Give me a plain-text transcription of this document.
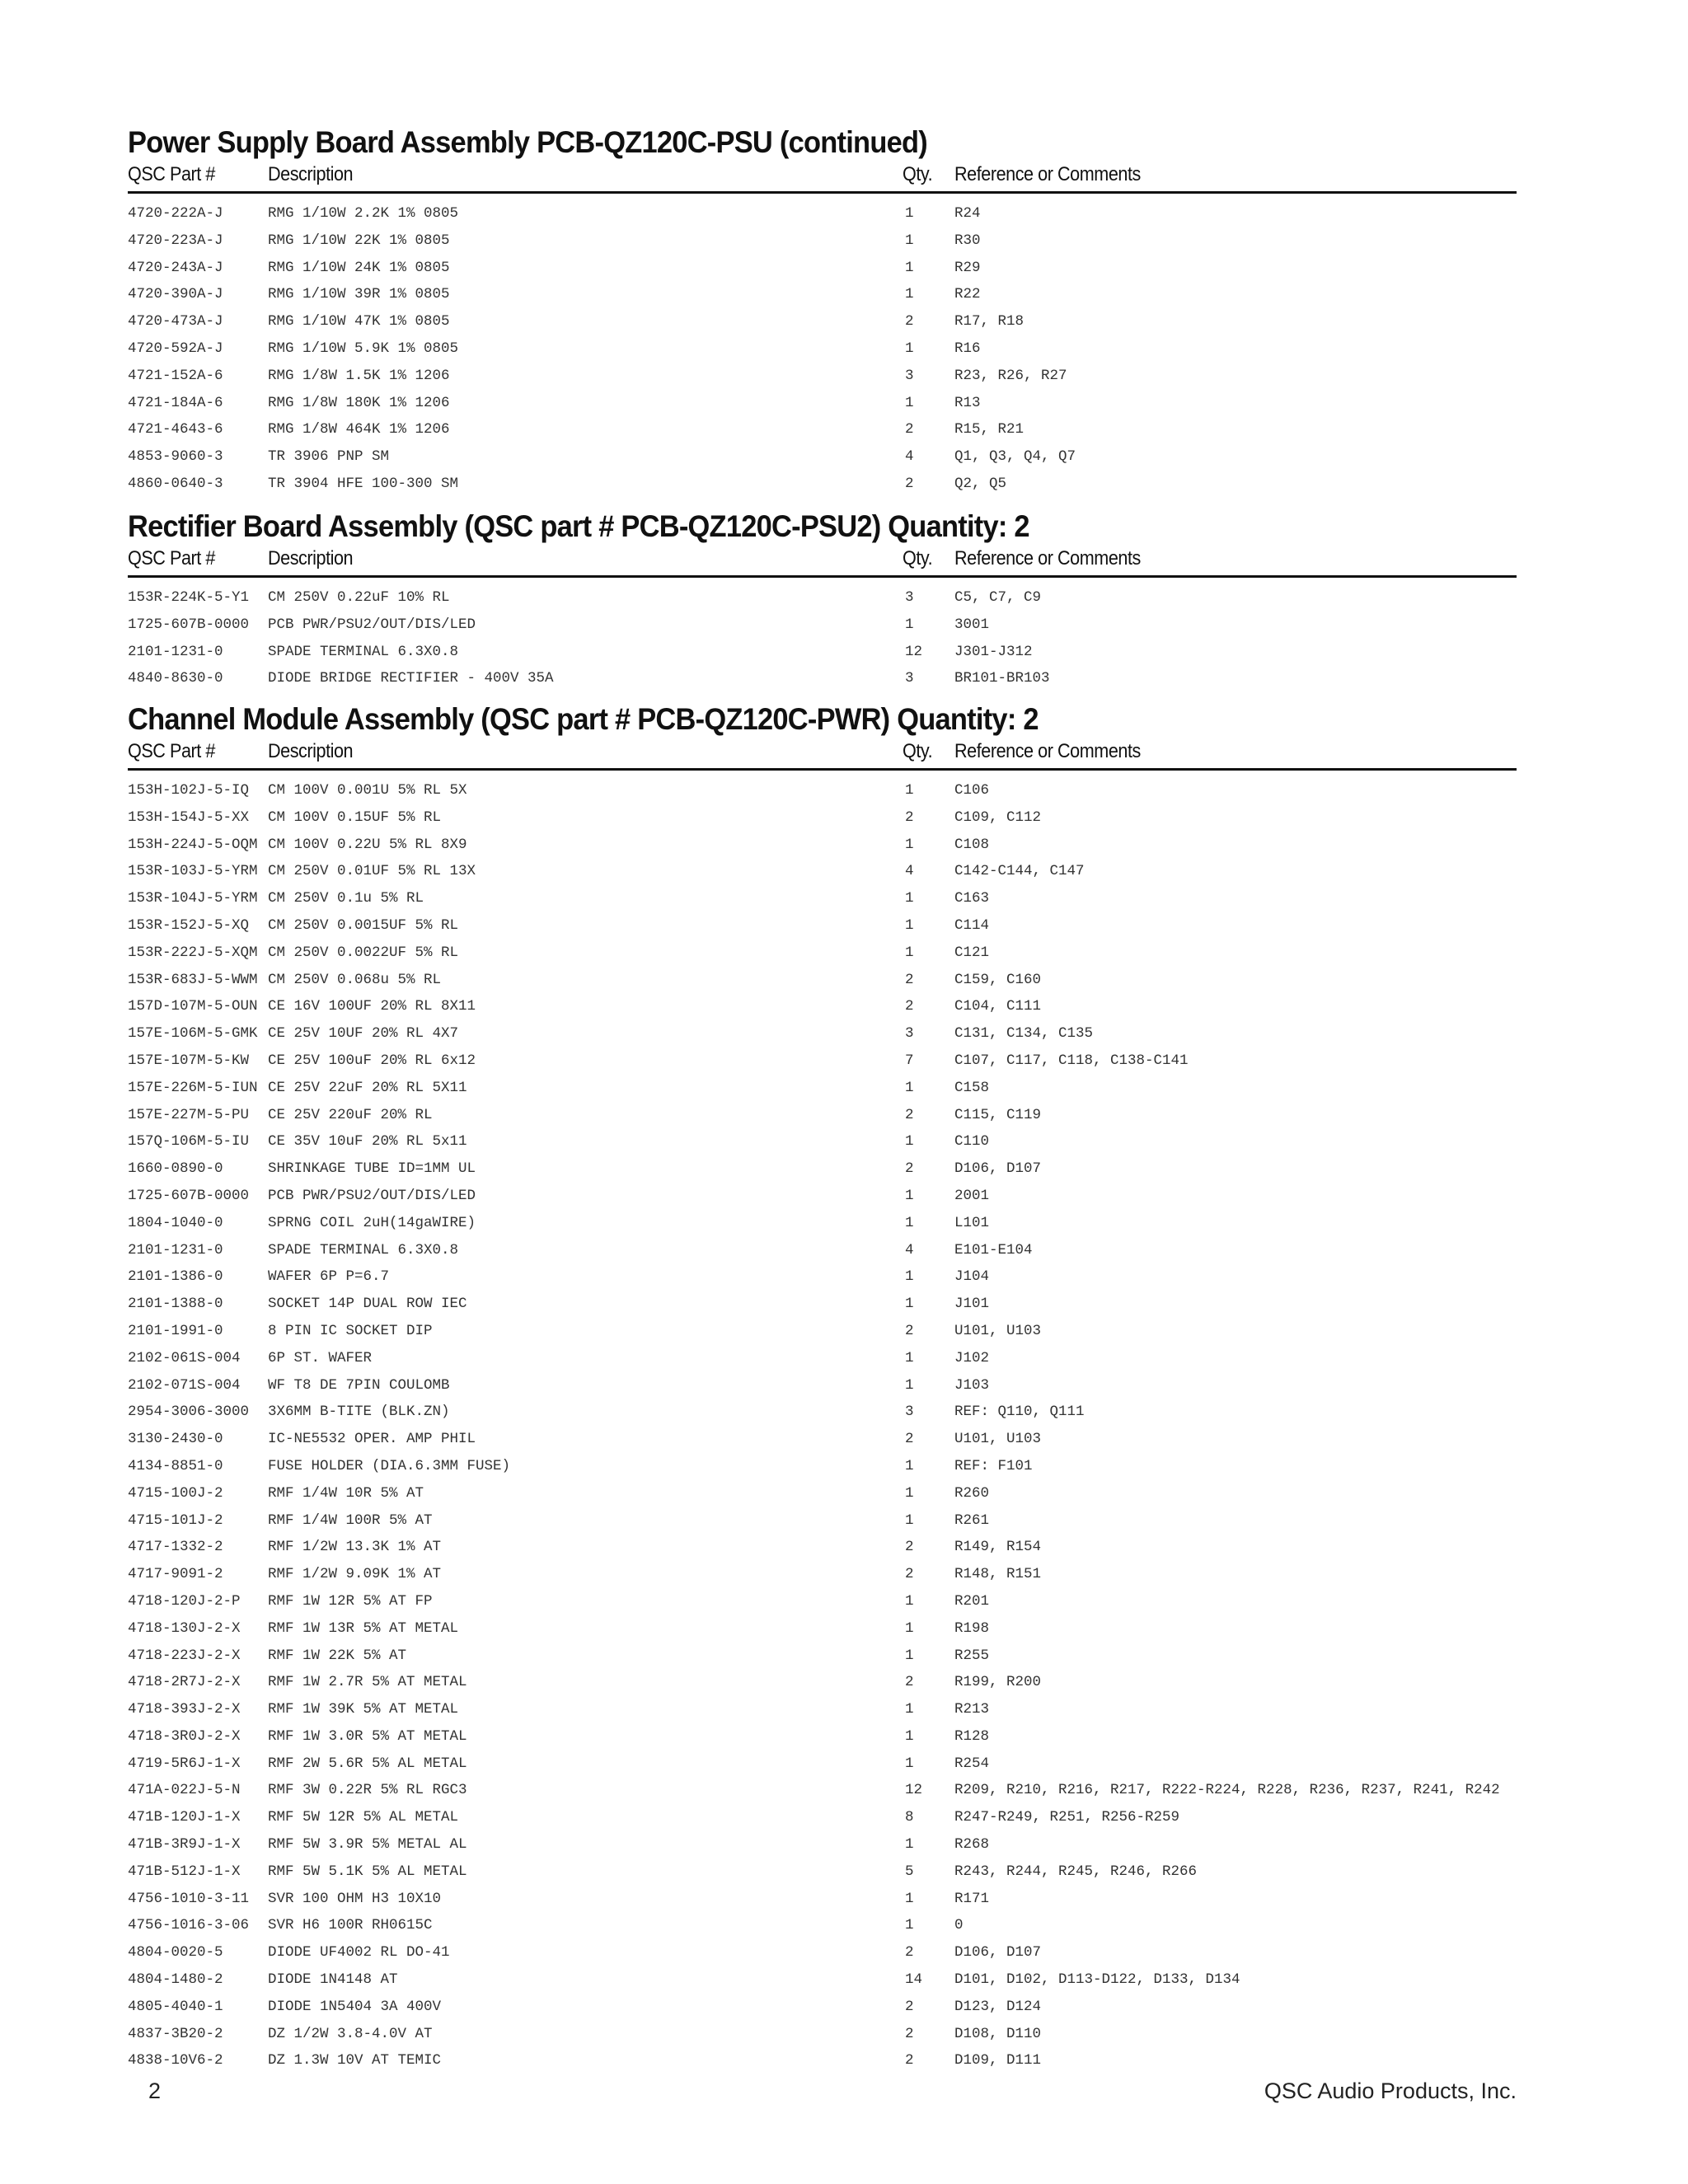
Power Supply Board Assembly PCB-QZ120C-PSU (continued)
QSC Part #	Description	Qty. Reference or Comments
4720-222A-J	RMG 1/10W 2.2K 1% 0805	1	R24
4720-223A-J	RMG 1/10W 22K 1% 0805	1	R30
4720-243A-J	RMG 1/10W 24K 1% 0805	1	R29
4720-390A-J	RMG 1/10W 39R 1% 0805	1	R22
4720-473A-J	RMG 1/10W 47K 1% 0805	2	R17, R18
4720-592A-J	RMG 1/10W 5.9K 1% 0805	1	R16
4721-152A-6	RMG 1/8W 1.5K 1% 1206	3	R23, R26, R27
4721-184A-6	RMG 1/8W 180K 1% 1206	1	R13
4721-4643-6	RMG 1/8W 464K 1% 1206	2	R15, R21
4853-9060-3	TR 3906 PNP SM	4	Q1, Q3, Q4, Q7
4860-0640-3	TR 3904 HFE 100-300 SM	2	Q2, Q5
Rectifier Board Assembly (QSC part # PCB-QZ120C-PSU2) Quantity: 2
QSC Part #	Description	Qty. Reference or Comments
153R-224K-5-Y1 CM 250V 0.22uF 10% RL	3	C5, C7, C9
1725-607B-0000 PCB PWR/PSU2/OUT/DIS/LED	1	3001
2101-1231-0	SPADE TERMINAL 6.3X0.8	12 J301-J312
4840-8630-0	DIODE BRIDGE RECTIFIER - 400V 35A	3	BR101-BR103
Channel Module Assembly (QSC part # PCB-QZ120C-PWR) Quantity: 2
QSC Part #	Description	Qty. Reference or Comments
153H-102J-5-IQ CM 100V 0.001U 5% RL 5X	1	C106
153H-154J-5-XX CM 100V 0.15UF 5% RL	2	C109, C112
153H-224J-5-OQM CM 100V 0.22U 5% RL 8X9	1	C108
153R-103J-5-YRM CM 250V 0.01UF 5% RL 13X	4	C142-C144, C147
153R-104J-5-YRM CM 250V 0.1u 5% RL	1	C163
153R-152J-5-XQ CM 250V 0.0015UF 5% RL	1	C114
153R-222J-5-XQM CM 250V 0.0022UF 5% RL	1	C121
153R-683J-5-WWM CM 250V 0.068u 5% RL	2	C159, C160
157D-107M-5-OUN CE 16V 100UF 20% RL 8X11	2	C104, C111
157E-106M-5-GMK CE 25V 10UF 20% RL 4X7	3	C131, C134, C135
157E-107M-5-KW CE 25V 100uF 20% RL 6x12	7	C107, C117, C118, C138-C141
157E-226M-5-IUN CE 25V 22uF 20% RL 5X11	1	C158
157E-227M-5-PU CE 25V 220uF 20% RL	2	C115, C119
157Q-106M-5-IU CE 35V 10uF 20% RL 5x11	1	C110
1660-0890-0	SHRINKAGE TUBE ID=1MM UL	2	D106, D107
1725-607B-0000 PCB PWR/PSU2/OUT/DIS/LED	1	2001
1804-1040-0	SPRNG COIL 2uH(14gaWIRE)	1	L101
2101-1231-0	SPADE TERMINAL 6.3X0.8	4	E101-E104
2101-1386-0	WAFER 6P P=6.7	1	J104
2101-1388-0	SOCKET 14P DUAL ROW IEC	1	J101
2101-1991-0	8 PIN IC SOCKET DIP	2	U101, U103
2102-061S-004 6P ST. WAFER	1	J102
2102-071S-004 WF T8 DE 7PIN COULOMB	1	J103
2954-3006-3000 3X6MM B-TITE (BLK.ZN)	3	REF: Q110, Q111
3130-2430-0	IC-NE5532 OPER. AMP PHIL	2	U101, U103
4134-8851-0	FUSE HOLDER (DIA.6.3MM FUSE)	1	REF: F101
4715-100J-2	RMF 1/4W 10R 5% AT	1	R260
4715-101J-2	RMF 1/4W 100R 5% AT	1	R261
4717-1332-2	RMF 1/2W 13.3K 1% AT	2	R149, R154
4717-9091-2	RMF 1/2W 9.09K 1% AT	2	R148, R151
4718-120J-2-P RMF 1W 12R 5% AT FP	1	R201
4718-130J-2-X RMF 1W 13R 5% AT METAL	1	R198
4718-223J-2-X RMF 1W 22K 5% AT	1	R255
4718-2R7J-2-X RMF 1W 2.7R 5% AT METAL	2	R199, R200
4718-393J-2-X RMF 1W 39K 5% AT METAL	1	R213
4718-3R0J-2-X RMF 1W 3.0R 5% AT METAL	1	R128
4719-5R6J-1-X RMF 2W 5.6R 5% AL METAL	1	R254
471A-022J-5-N RMF 3W 0.22R 5% RL RGC3	12 R209, R210, R216, R217, R222-R224, R228, R236, R237, R241, R242
471B-120J-1-X RMF 5W 12R 5% AL METAL	8	R247-R249, R251, R256-R259
471B-3R9J-1-X RMF 5W 3.9R 5% METAL AL	1	R268
471B-512J-1-X RMF 5W 5.1K 5% AL METAL	5	R243, R244, R245, R246, R266
4756-1010-3-11 SVR 100 OHM H3 10X10	1	R171
4756-1016-3-06 SVR H6 100R RH0615C	1	0
4804-0020-5	DIODE UF4002 RL DO-41	2	D106, D107
4804-1480-2	DIODE 1N4148 AT	14 D101, D102, D113-D122, D133, D134
4805-4040-1	DIODE 1N5404 3A 400V	2	D123, D124
4837-3B20-2	DZ 1/2W 3.8-4.0V AT	2	D108, D110
4838-10V6-2	DZ 1.3W 10V AT TEMIC	2	D109, D111
2	QSC Audio Products, Inc.
